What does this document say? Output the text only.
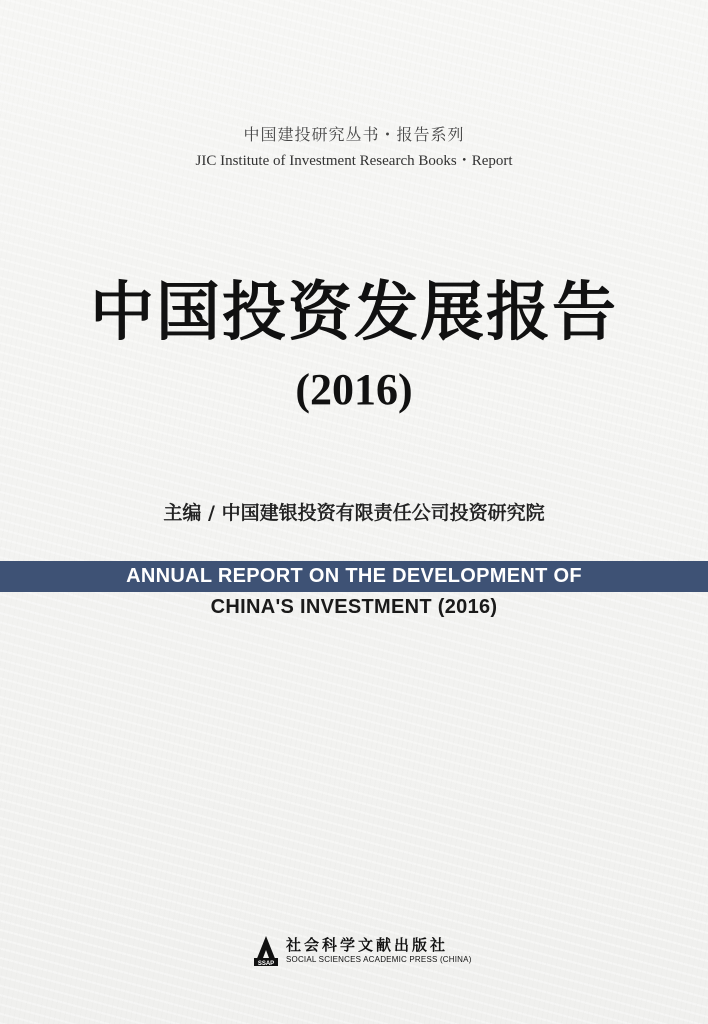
中国建投研究丛书・报告系列
JIC Institute of Investment Research Books・Report
中国投资发展报告
(2016)
主编 / 中国建银投资有限责任公司投资研究院
ANNUAL REPORT ON THE DEVELOPMENT OF
CHINA'S INVESTMENT (2016)
SSAP
社会科学文献出版社
SOCIAL SCIENCES ACADEMIC PRESS (CHINA)
